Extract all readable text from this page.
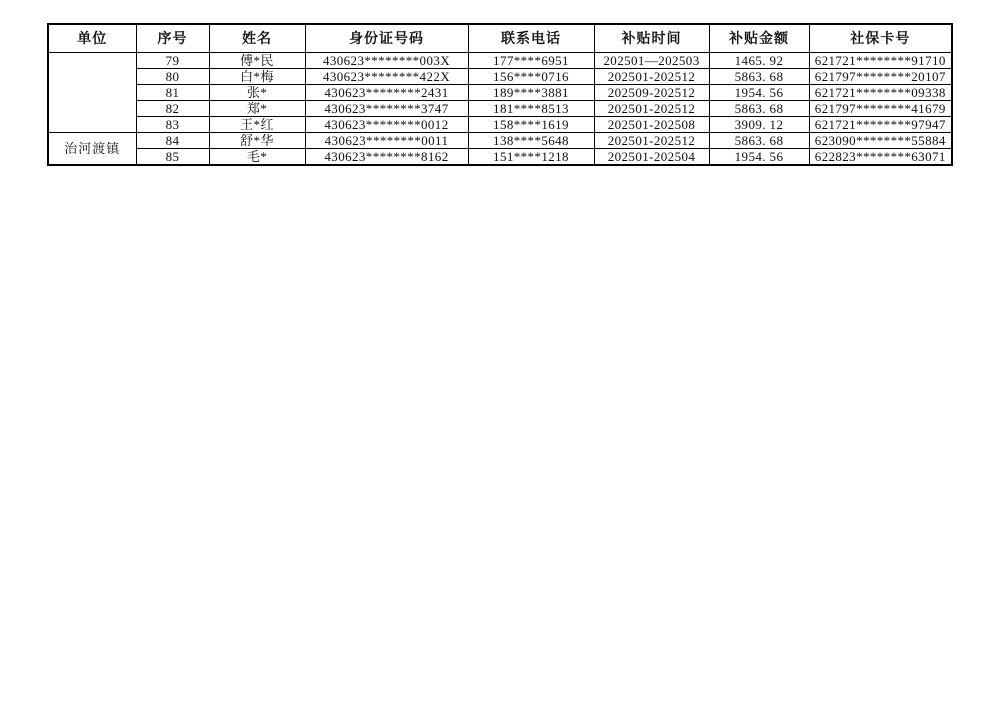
单位	序号	姓名	身份证号码	联系电话	补贴时间	补贴金额	社保卡号
	79	傅*民	430623********003X	177****6951	202501—202503	1465. 92	621721********91710
	80	白*梅	430623********422X	156****0716	202501-202512	5863. 68	621797********20107
	81	张*	430623********2431	189****3881	202509-202512	1954. 56	621721********09338
	82	郑*	430623********3747	181****8513	202501-202512	5863. 68	621797********41679
	83	王*红	430623********0012	158****1619	202501-202508	3909. 12	621721********97947
治河渡镇	84	舒*华	430623********0011	138****5648	202501-202512	5863. 68	623090********55884
	85	毛*	430623********8162	151****1218	202501-202504	1954. 56	622823********63071
